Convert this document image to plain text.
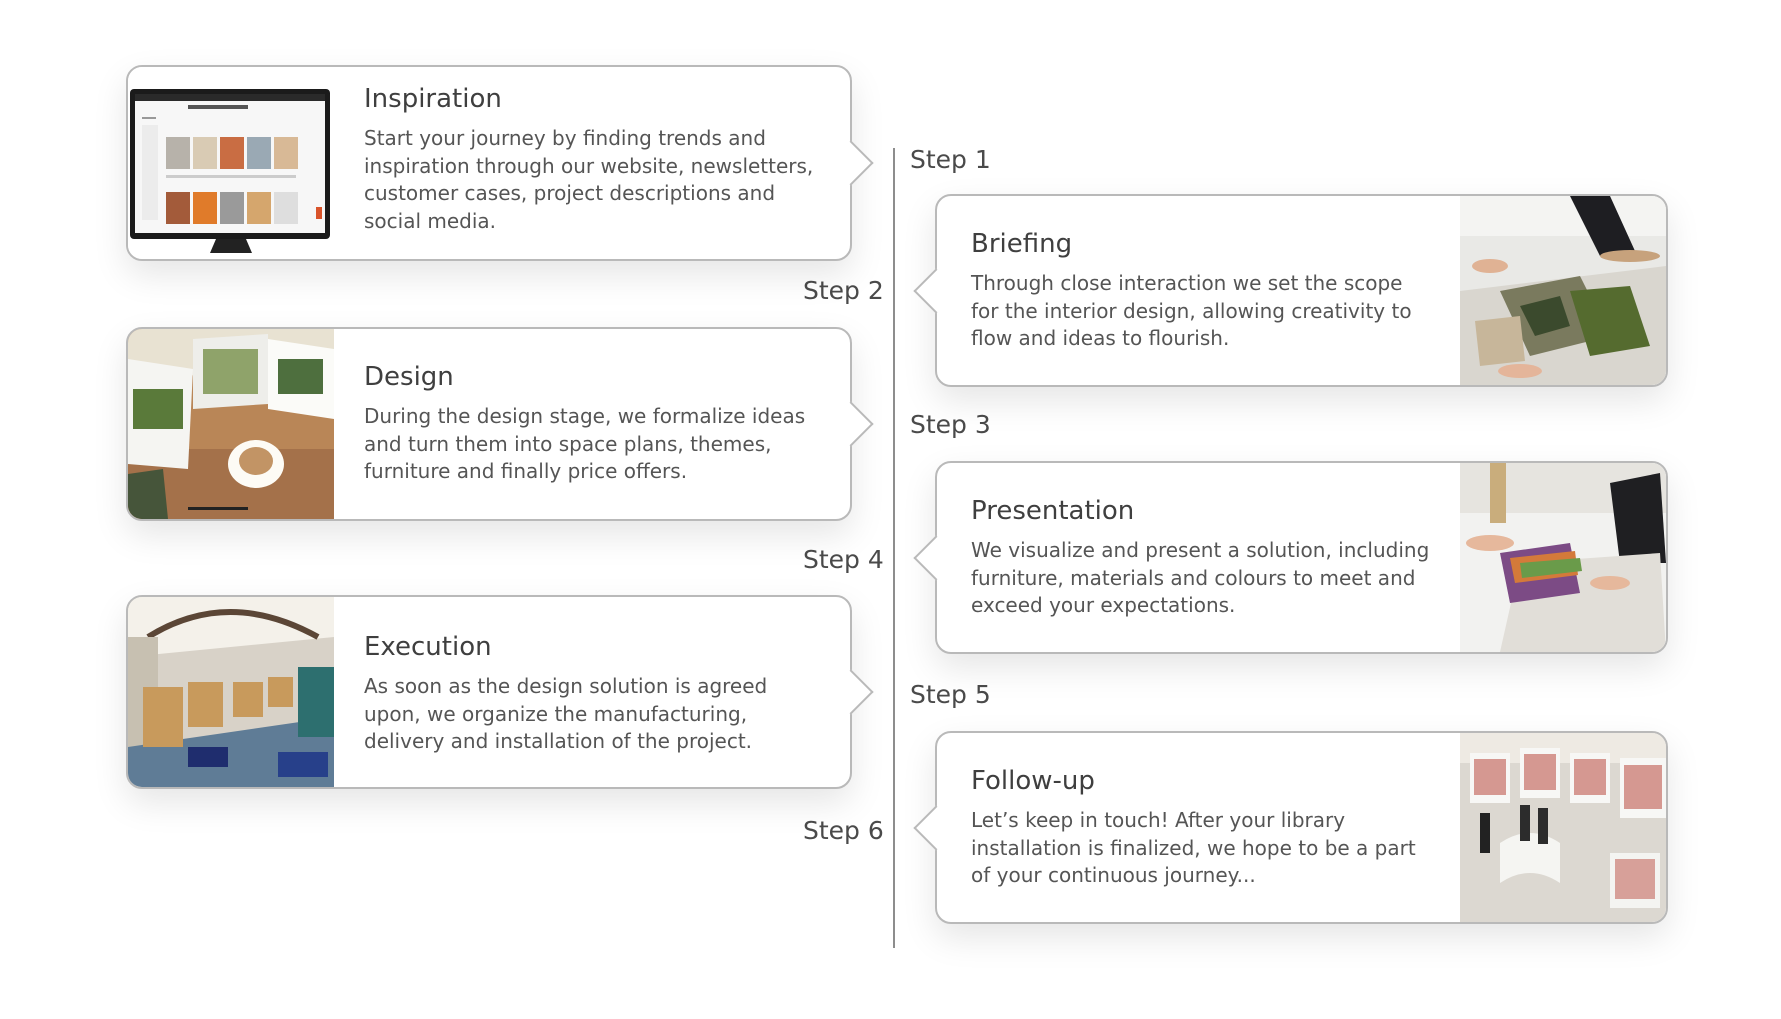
Step 1
Step 2
Step 3
Step 4
Step 5
Step 6
Inspiration

Start your journey by finding trends and inspiration through our website, newsletters, customer cases, project descriptions and social media.

Briefing

Through close interaction we set the scope for the interior design, allowing creativity to flow and ideas to flourish.

Design

During the design stage, we formalize ideas and turn them into space plans, themes, furniture and finally price offers.

Presentation

We visualize and present a solution, including furniture, materials and colours to meet and exceed your expectations.

Execution

As soon as the design solution is agreed upon, we organize the manufacturing, delivery and installation of the project.

Follow-up

Let’s keep in touch! After your library installation is finalized, we hope to be a part of your continuous journey...
